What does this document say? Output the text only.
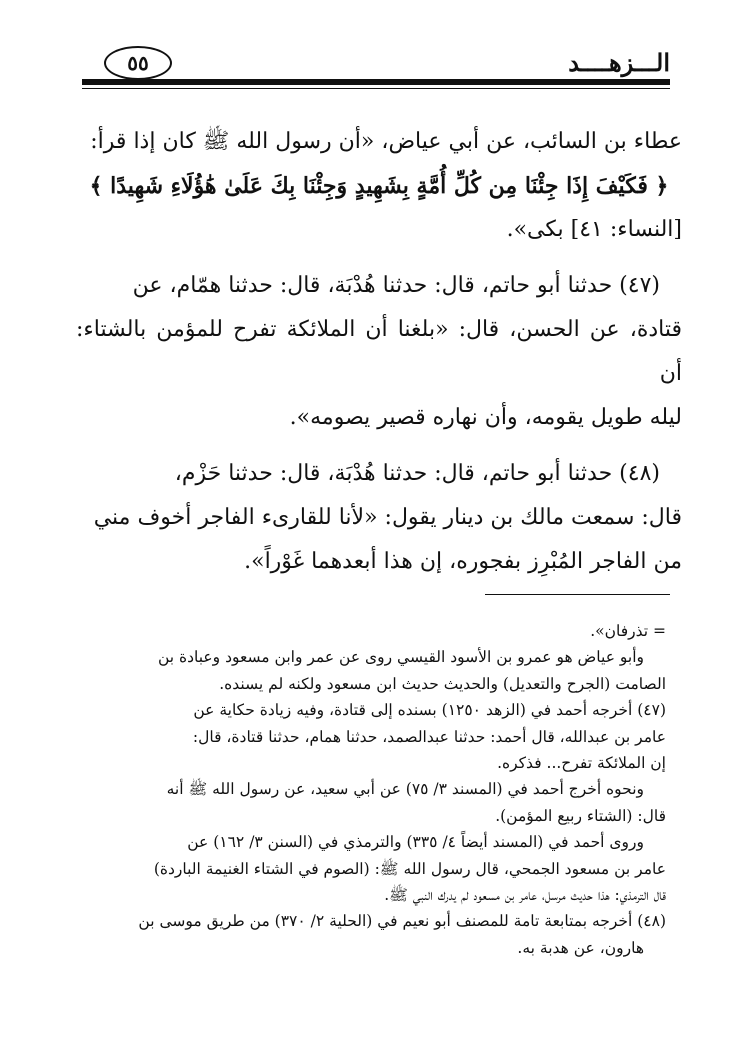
٥٥	الـــزهــــد

عطاء بن السائب، عن أبي عياض، «أن رسول الله ﷺ كان إذا قرأ:

﴿ فَكَيْفَ إِذَا جِئْنَا مِن كُلِّ أُمَّةٍ بِشَهِيدٍ وَجِئْنَا بِكَ عَلَىٰ هَٰؤُلَاءِ شَهِيدًا ﴾

[النساء: ٤١] بكى».

(٤٧) حدثنا أبو حاتم، قال: حدثنا هُدْبَة، قال: حدثنا همّام، عن

قتادة، عن الحسن، قال: «بلغنا أن الملائكة تفرح للمؤمن بالشتاء: أن

ليله طويل يقومه، وأن نهاره قصير يصومه».

(٤٨) حدثنا أبو حاتم، قال: حدثنا هُدْبَة، قال: حدثنا حَزْم،

قال: سمعت مالك بن دينار يقول: «لأنا للقارىء الفاجر أخوف مني

من الفاجر المُبْرِز بفجوره، إن هذا أبعدهما غَوْراً».

= تذرفان».

وأبو عياض هو عمرو بن الأسود القيسي روى عن عمر وابن مسعود وعبادة بن

الصامت (الجرح والتعديل) والحديث حديث ابن مسعود ولكنه لم يسنده.

(٤٧) أخرجه أحمد في (الزهد ١٢٥٠) بسنده إلى قتادة، وفيه زيادة حكاية عن

عامر بن عبدالله، قال أحمد: حدثنا عبدالصمد، حدثنا همام، حدثنا قتادة، قال:

إن الملائكة تفرح... فذكره.

ونحوه أخرج أحمد في (المسند ٣/ ٧٥) عن أبي سعيد، عن رسول الله ﷺ أنه

قال: (الشتاء ربيع المؤمن).

وروى أحمد في (المسند أيضاً ٤/ ٣٣٥) والترمذي في (السنن ٣/ ١٦٢) عن

عامر بن مسعود الجمحي، قال رسول الله ﷺ: (الصوم في الشتاء الغنيمة الباردة)

قال الترمذي: هذا حديث مرسل، عامر بن مسعود لم يدرك النبي ﷺ.

(٤٨) أخرجه بمتابعة تامة للمصنف أبو نعيم في (الحلية ٢/ ٣٧٠) من طريق موسى بن

هارون، عن هدبة به.
